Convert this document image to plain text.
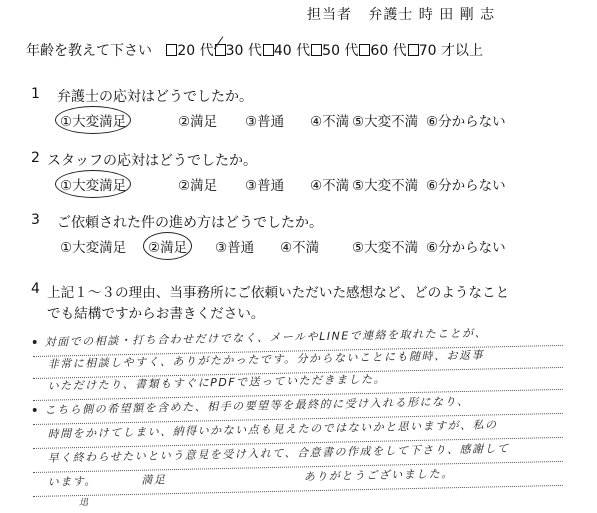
担当者 弁護士 時 田 剛 志
年齢を教えて下さい 20 代 30 代 40 代 50 代 60 代 70 才以上
1 弁護士の応対はどうでしたか。
①大変満足	②満足 ③普通 ④不満 ⑤大変不満 ⑥分からない
2 スタッフの応対はどうでしたか。
①大変満足	②満足 ③普通 ④不満 ⑤大変不満 ⑥分からない
3 ご依頼された件の進め方はどうでしたか。
①大変満足 ②満足 ③普通 ④不満 ⑤大変不満 ⑥分からない
4 上記１～３の理由、当事務所にご依頼いただいた感想など、どのようなこと
でも結構ですからお書きください。
対面での相談・打ち合わせだけでなく、メールやLINEで連絡を取れたことが、
非常に相談しやすく、ありがたかったです。分からないことにも随時、お返事
いただけたり、書類もすぐにPDFで送っていただきました。
こちら側の希望額を含めた、相手の要望等を最終的に受け入れる形になり、
時間をかけてしまい、納得いかない点も見えたのではないかと思いますが、私の
早く終わらせたいという意見を受け入れて、合意書の作成をして下さり、感謝して
います。　　　　満足　　　　　　　　　　　ありがとうございました。
迅
